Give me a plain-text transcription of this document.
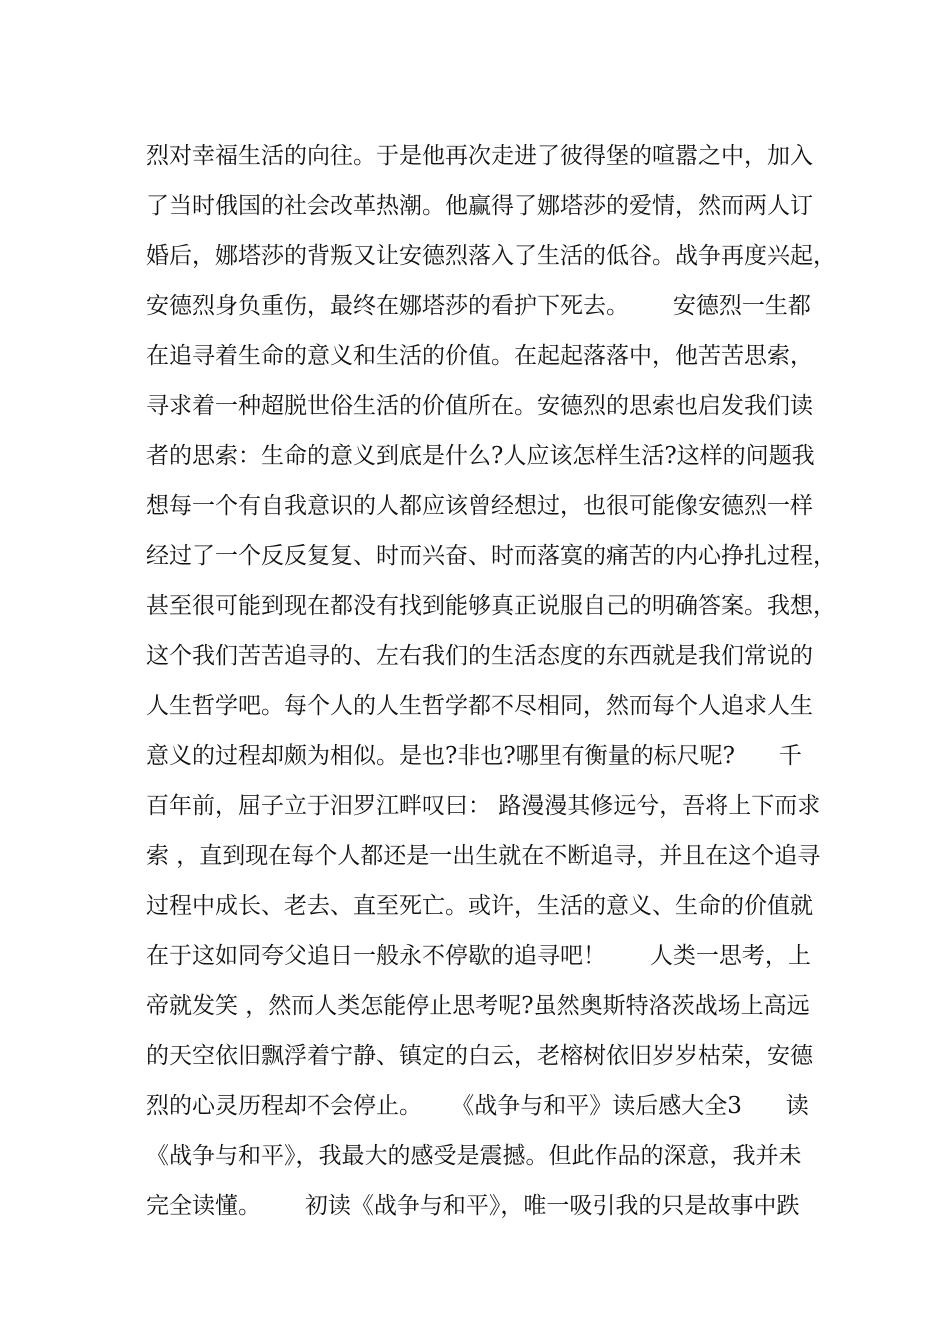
烈对幸福生活的向往。于是他再次走进了彼得堡的喧嚣之中，加入
了当时俄国的社会改革热潮。他赢得了娜塔莎的爱情，然而两人订
婚后，娜塔莎的背叛又让安德烈落入了生活的低谷。战争再度兴起，
安德烈身负重伤，最终在娜塔莎的看护下死去。      安德烈一生都
在追寻着生命的意义和生活的价值。在起起落落中，他苦苦思索，
寻求着一种超脱世俗生活的价值所在。安德烈的思索也启发我们读
者的思索：生命的意义到底是什么?人应该怎样生活?这样的问题我
想每一个有自我意识的人都应该曾经想过，也很可能像安德烈一样
经过了一个反反复复、时而兴奋、时而落寞的痛苦的内心挣扎过程，
甚至很可能到现在都没有找到能够真正说服自己的明确答案。我想，
这个我们苦苦追寻的、左右我们的生活态度的东西就是我们常说的
人生哲学吧。每个人的人生哲学都不尽相同，然而每个人追求人生
意义的过程却颇为相似。是也?非也?哪里有衡量的标尺呢?      千
百年前，屈子立于汨罗江畔叹曰： 路漫漫其修远兮，吾将上下而求
索 ，直到现在每个人都还是一出生就在不断追寻，并且在这个追寻
过程中成长、老去、直至死亡。或许，生活的意义、生命的价值就
在于这如同夸父追日一般永不停歇的追寻吧！      人类一思考，上
帝就发笑 ，然而人类怎能停止思考呢?虽然奥斯特洛茨战场上高远
的天空依旧飘浮着宁静、镇定的白云，老榕树依旧岁岁枯荣，安德
烈的心灵历程却不会停止。    《战争与和平》读后感大全3      读
《战争与和平》，我最大的感受是震撼。但此作品的深意，我并未
完全读懂。      初读《战争与和平》，唯一吸引我的只是故事中跌
